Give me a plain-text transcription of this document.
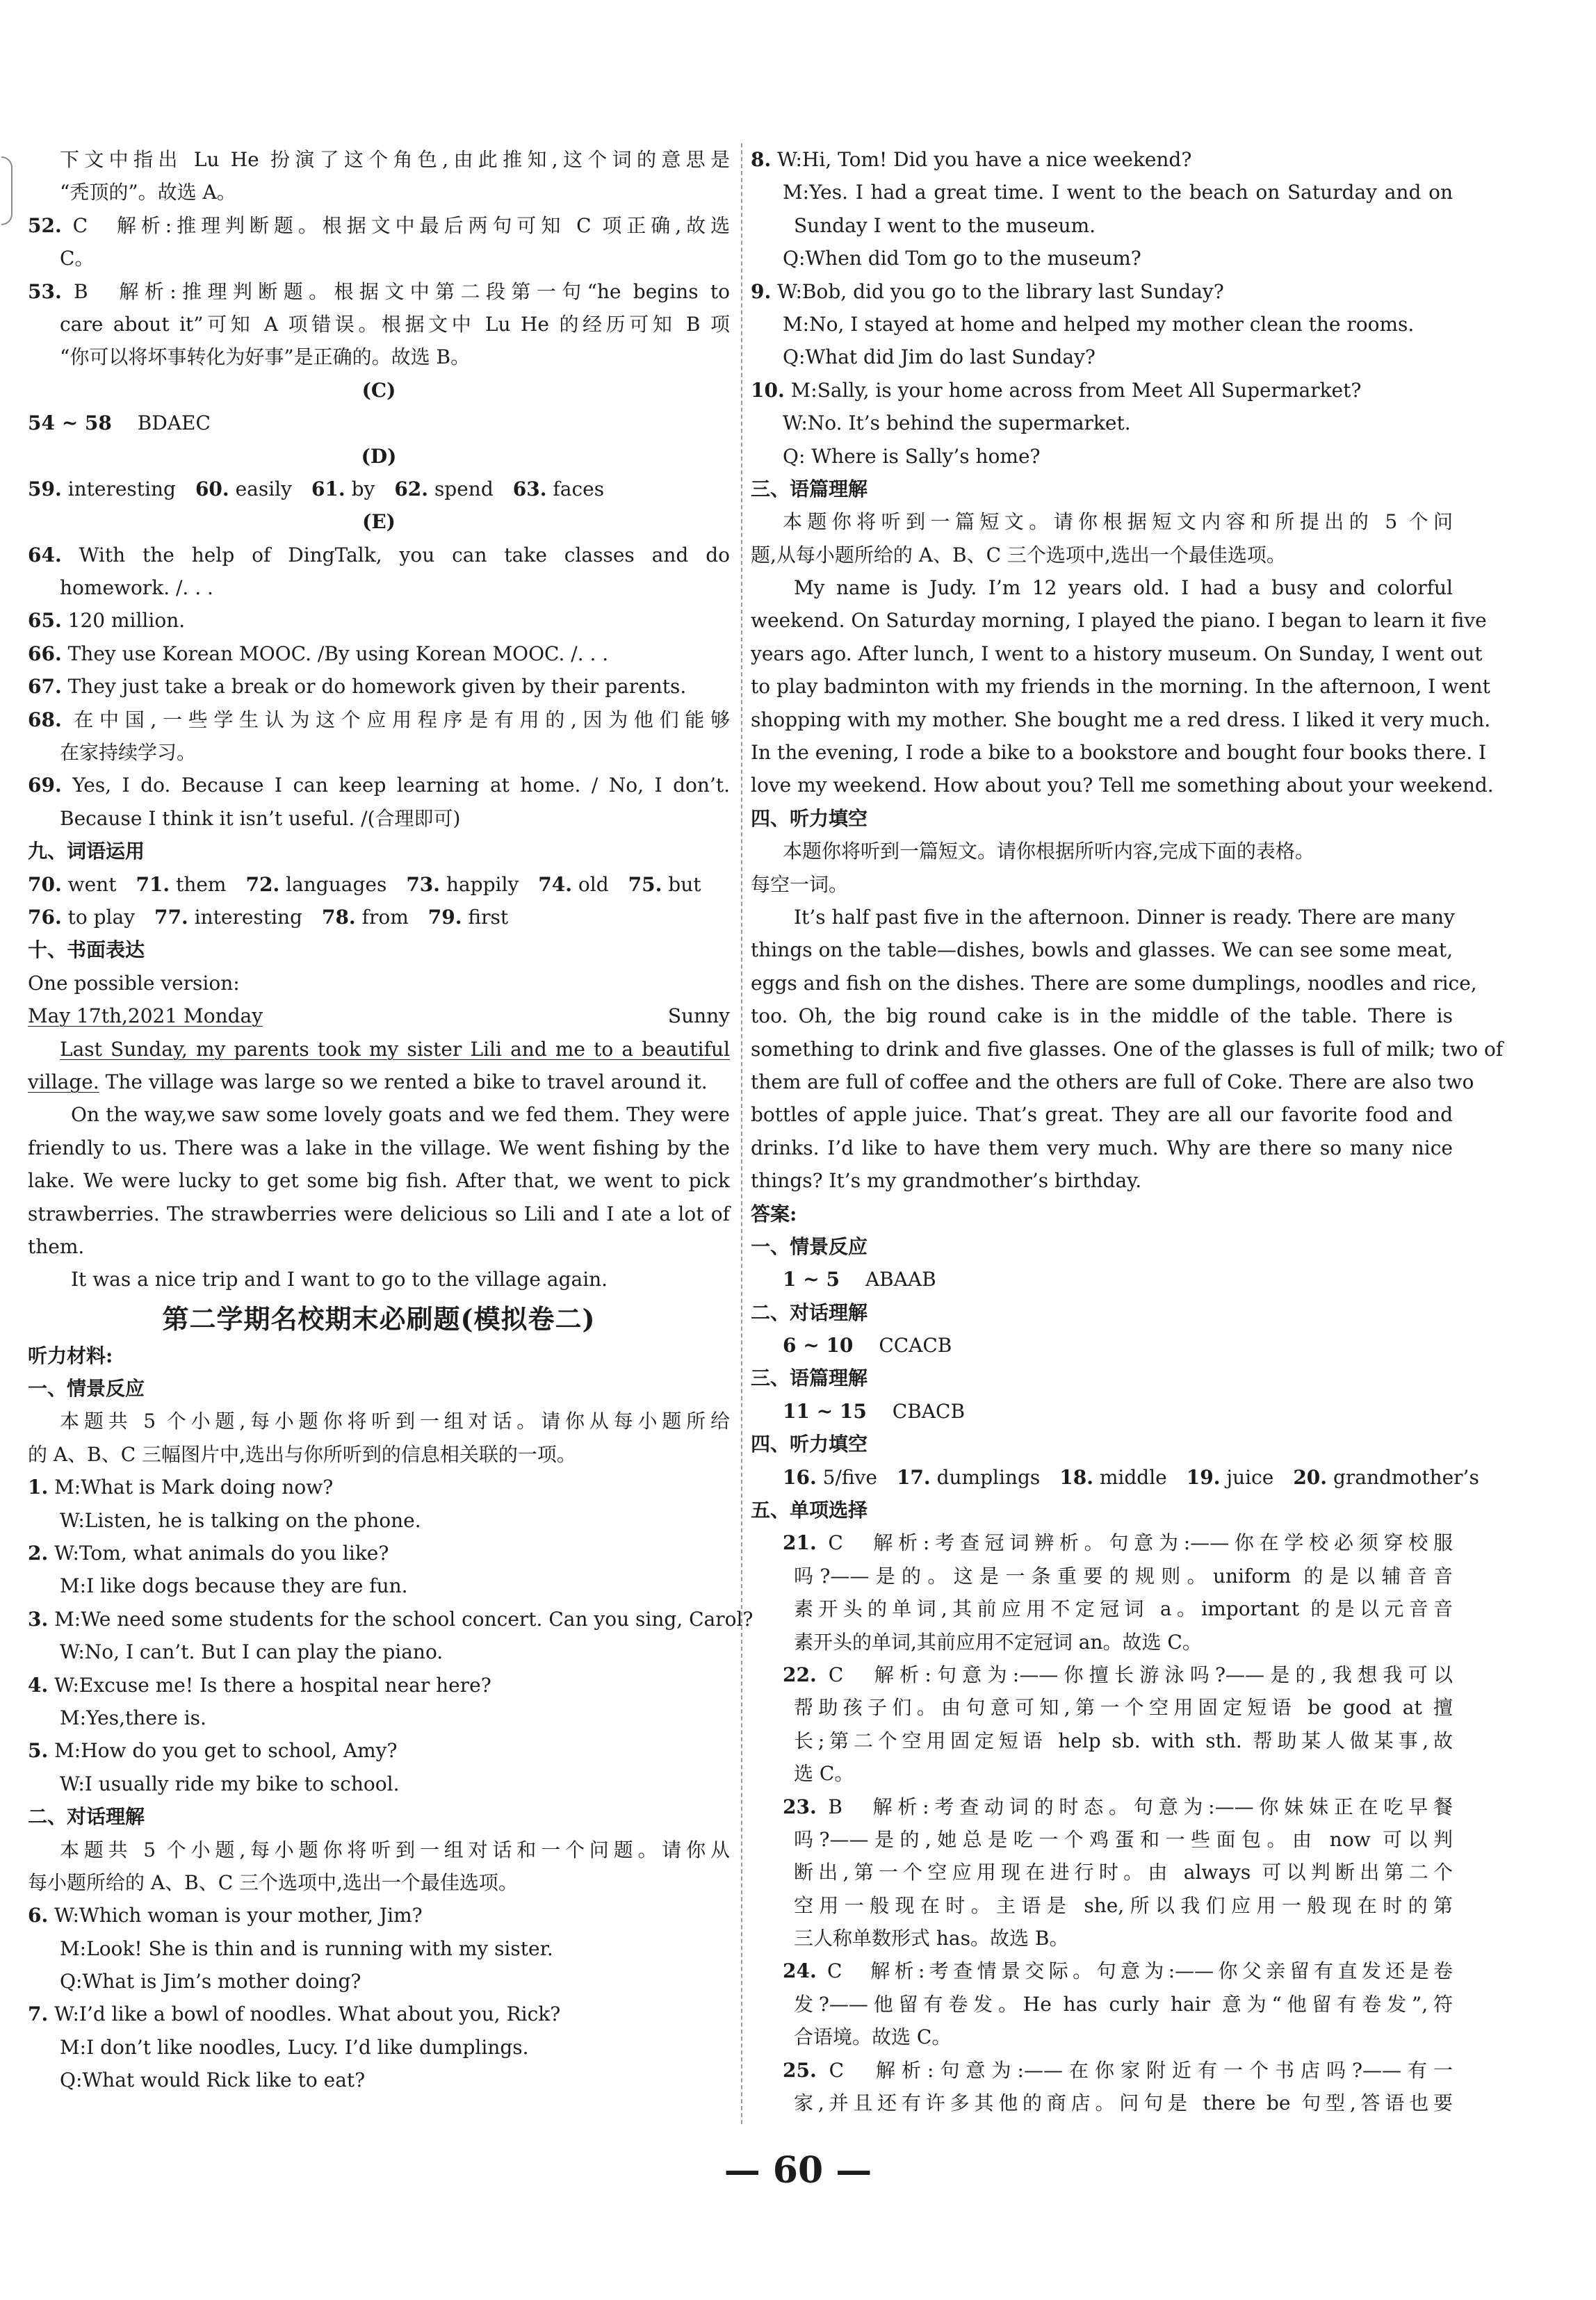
下文中指出 Lu He 扮演了这个角色,由此推知,这个词的意思是
“秃顶的”。故选 A。
52. C　解析:推理判断题。根据文中最后两句可知 C 项正确,故选
C。
53. B　解析:推理判断题。根据文中第二段第一句“he begins to
care about it”可知 A 项错误。根据文中 Lu He 的经历可知 B 项
“你可以将坏事转化为好事”是正确的。故选 B。
(C)
54 ~ 58 　BDAEC
(D)
59. interesting　60. easily　61. by　62. spend　63. faces
(E)
64. With the help of DingTalk, you can take classes and do
homework. /. . .
65. 120 million.
66. They use Korean MOOC. /By using Korean MOOC. /. . .
67. They just take a break or do homework given by their parents.
68. 在中国,一些学生认为这个应用程序是有用的,因为他们能够
在家持续学习。
69. Yes, I do. Because I can keep learning at home. / No, I don’t.
Because I think it isn’t useful. /(合理即可)
九、词语运用
70. went　71. them　72. languages　73. happily　74. old　75. but
76. to play　77. interesting　78. from　79. first
十、书面表达
One possible version:
May 17th,2021 Monday	Sunny
Last Sunday, my parents took my sister Lili and me to a beautiful
village. The village was large so we rented a bike to travel around it.
On the way,we saw some lovely goats and we fed them. They were
friendly to us. There was a lake in the village. We went fishing by the
lake. We were lucky to get some big fish. After that, we went to pick
strawberries. The strawberries were delicious so Lili and I ate a lot of
them.
It was a nice trip and I want to go to the village again.
第二学期名校期末必刷题(模拟卷二)
听力材料:
一、情景反应
本题共 5 个小题,每小题你将听到一组对话。请你从每小题所给
的 A、B、C 三幅图片中,选出与你所听到的信息相关联的一项。
1. M:What is Mark doing now?
W:Listen, he is talking on the phone.
2. W:Tom, what animals do you like?
M:I like dogs because they are fun.
3. M:We need some students for the school concert. Can you sing, Carol?
W:No, I can’t. But I can play the piano.
4. W:Excuse me! Is there a hospital near here?
M:Yes,there is.
5. M:How do you get to school, Amy?
W:I usually ride my bike to school.
二、对话理解
本题共 5 个小题,每小题你将听到一组对话和一个问题。请你从
每小题所给的 A、B、C 三个选项中,选出一个最佳选项。
6. W:Which woman is your mother, Jim?
M:Look! She is thin and is running with my sister.
Q:What is Jim’s mother doing?
7. W:I’d like a bowl of noodles. What about you, Rick?
M:I don’t like noodles, Lucy. I’d like dumplings.
Q:What would Rick like to eat?
8. W:Hi, Tom! Did you have a nice weekend?
M:Yes. I had a great time. I went to the beach on Saturday and on
Sunday I went to the museum.
Q:When did Tom go to the museum?
9. W:Bob, did you go to the library last Sunday?
M:No, I stayed at home and helped my mother clean the rooms.
Q:What did Jim do last Sunday?
10. M:Sally, is your home across from Meet All Supermarket?
W:No. It’s behind the supermarket.
Q: Where is Sally’s home?
三、语篇理解
本题你将听到一篇短文。请你根据短文内容和所提出的 5 个问
题,从每小题所给的 A、B、C 三个选项中,选出一个最佳选项。
My name is Judy. I’m 12 years old. I had a busy and colorful
weekend. On Saturday morning, I played the piano. I began to learn it five
years ago. After lunch, I went to a history museum. On Sunday, I went out
to play badminton with my friends in the morning. In the afternoon, I went
shopping with my mother. She bought me a red dress. I liked it very much.
In the evening, I rode a bike to a bookstore and bought four books there. I
love my weekend. How about you? Tell me something about your weekend.
四、听力填空
本题你将听到一篇短文。请你根据所听内容,完成下面的表格。
每空一词。
It’s half past five in the afternoon. Dinner is ready. There are many
things on the table—dishes, bowls and glasses. We can see some meat,
eggs and fish on the dishes. There are some dumplings, noodles and rice,
too. Oh, the big round cake is in the middle of the table. There is
something to drink and five glasses. One of the glasses is full of milk; two of
them are full of coffee and the others are full of Coke. There are also two
bottles of apple juice. That’s great. They are all our favorite food and
drinks. I’d like to have them very much. Why are there so many nice
things? It’s my grandmother’s birthday.
答案:
一、情景反应
1 ~ 5 　ABAAB
二、对话理解
6 ~ 10 　CCACB
三、语篇理解
11 ~ 15 　CBACB
四、听力填空
16. 5/five　17. dumplings　18. middle　19. juice　20. grandmother’s
五、单项选择
21. C　解析:考查冠词辨析。句意为:——你在学校必须穿校服
吗?——是的。这是一条重要的规则。uniform 的是以辅音音
素开头的单词,其前应用不定冠词 a。important 的是以元音音
素开头的单词,其前应用不定冠词 an。故选 C。
22. C　解析:句意为:——你擅长游泳吗?——是的,我想我可以
帮助孩子们。由句意可知,第一个空用固定短语 be good at 擅
长;第二个空用固定短语 help sb. with sth. 帮助某人做某事,故
选 C。
23. B　解析:考查动词的时态。句意为:——你妹妹正在吃早餐
吗?——是的,她总是吃一个鸡蛋和一些面包。由 now 可以判
断出,第一个空应用现在进行时。由 always 可以判断出第二个
空用一般现在时。主语是 she,所以我们应用一般现在时的第
三人称单数形式 has。故选 B。
24. C　解析:考查情景交际。句意为:——你父亲留有直发还是卷
发?——他留有卷发。He has curly hair 意为“他留有卷发”,符
合语境。故选 C。
25. C　解析:句意为:——在你家附近有一个书店吗?——有一
家,并且还有许多其他的商店。问句是 there be 句型,答语也要
— 60 —
